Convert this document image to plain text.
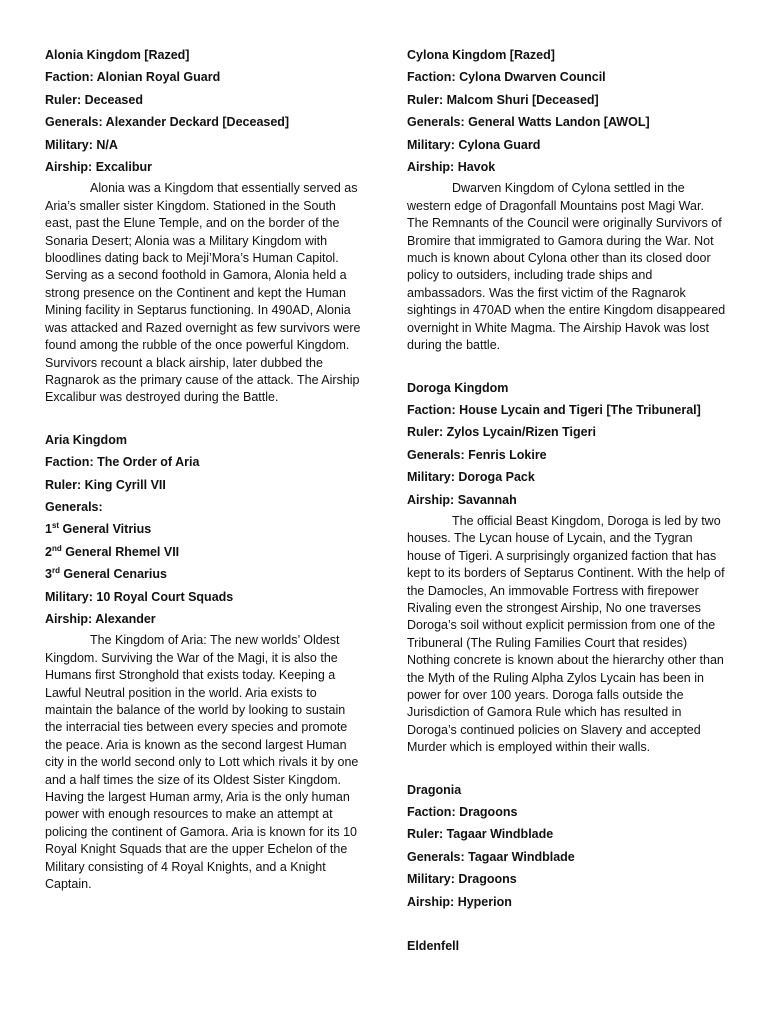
Alonia Kingdom [Razed]

Faction: Alonian Royal Guard

Ruler: Deceased

Generals: Alexander Deckard [Deceased]

Military: N/A

Airship: Excalibur

Alonia was a Kingdom that essentially served as Aria’s smaller sister Kingdom. Stationed in the South east, past the Elune Temple, and on the border of the Sonaria Desert; Alonia was a Military Kingdom with bloodlines dating back to Meji’Mora’s Human Capitol. Serving as a second foothold in Gamora, Alonia held a strong presence on the Continent and kept the Human Mining facility in Septarus functioning. In 490AD, Alonia was attacked and Razed overnight as few survivors were found among the rubble of the once powerful Kingdom. Survivors recount a black airship, later dubbed the Ragnarok as the primary cause of the attack. The Airship Excalibur was destroyed during the Battle.

Aria Kingdom

Faction: The Order of Aria

Ruler: King Cyrill VII

Generals:

1st General Vitrius

2nd General Rhemel VII

3rd General Cenarius

Military: 10 Royal Court Squads

Airship: Alexander

The Kingdom of Aria: The new worlds’ Oldest Kingdom. Surviving the War of the Magi, it is also the Humans first Stronghold that exists today. Keeping a Lawful Neutral position in the world. Aria exists to maintain the balance of the world by looking to sustain the interracial ties between every species and promote the peace. Aria is known as the second largest Human city in the world second only to Lott which rivals it by one and a half times the size of its Oldest Sister Kingdom. Having the largest Human army, Aria is the only human power with enough resources to make an attempt at policing the continent of Gamora. Aria is known for its 10 Royal Knight Squads that are the upper Echelon of the Military consisting of 4 Royal Knights, and a Knight Captain.

Cylona Kingdom [Razed]

Faction: Cylona Dwarven Council

Ruler: Malcom Shuri [Deceased]

Generals: General Watts Landon [AWOL]

Military: Cylona Guard

Airship: Havok

Dwarven Kingdom of Cylona settled in the western edge of Dragonfall Mountains post Magi War. The Remnants of the Council were originally Survivors of Bromire that immigrated to Gamora during the War. Not much is known about Cylona other than its closed door policy to outsiders, including trade ships and ambassadors. Was the first victim of the Ragnarok sightings in 470AD when the entire Kingdom disappeared overnight in White Magma. The Airship Havok was lost during the battle.

Doroga Kingdom

Faction: House Lycain and Tigeri [The Tribuneral]

Ruler: Zylos Lycain/Rizen Tigeri

Generals: Fenris Lokire

Military: Doroga Pack

Airship: Savannah

The official Beast Kingdom, Doroga is led by two houses. The Lycan house of Lycain, and the Tygran house of Tigeri. A surprisingly organized faction that has kept to its borders of Septarus Continent. With the help of the Damocles, An immovable Fortress with firepower Rivaling even the strongest Airship, No one traverses Doroga’s soil without explicit permission from one of the Tribuneral (The Ruling Families Court that resides) Nothing concrete is known about the hierarchy other than the Myth of the Ruling Alpha Zylos Lycain has been in power for over 100 years. Doroga falls outside the Jurisdiction of Gamora Rule which has resulted in Doroga’s continued policies on Slavery and accepted Murder which is employed within their walls.

Dragonia

Faction: Dragoons

Ruler: Tagaar Windblade

Generals: Tagaar Windblade

Military: Dragoons

Airship: Hyperion

Eldenfell
